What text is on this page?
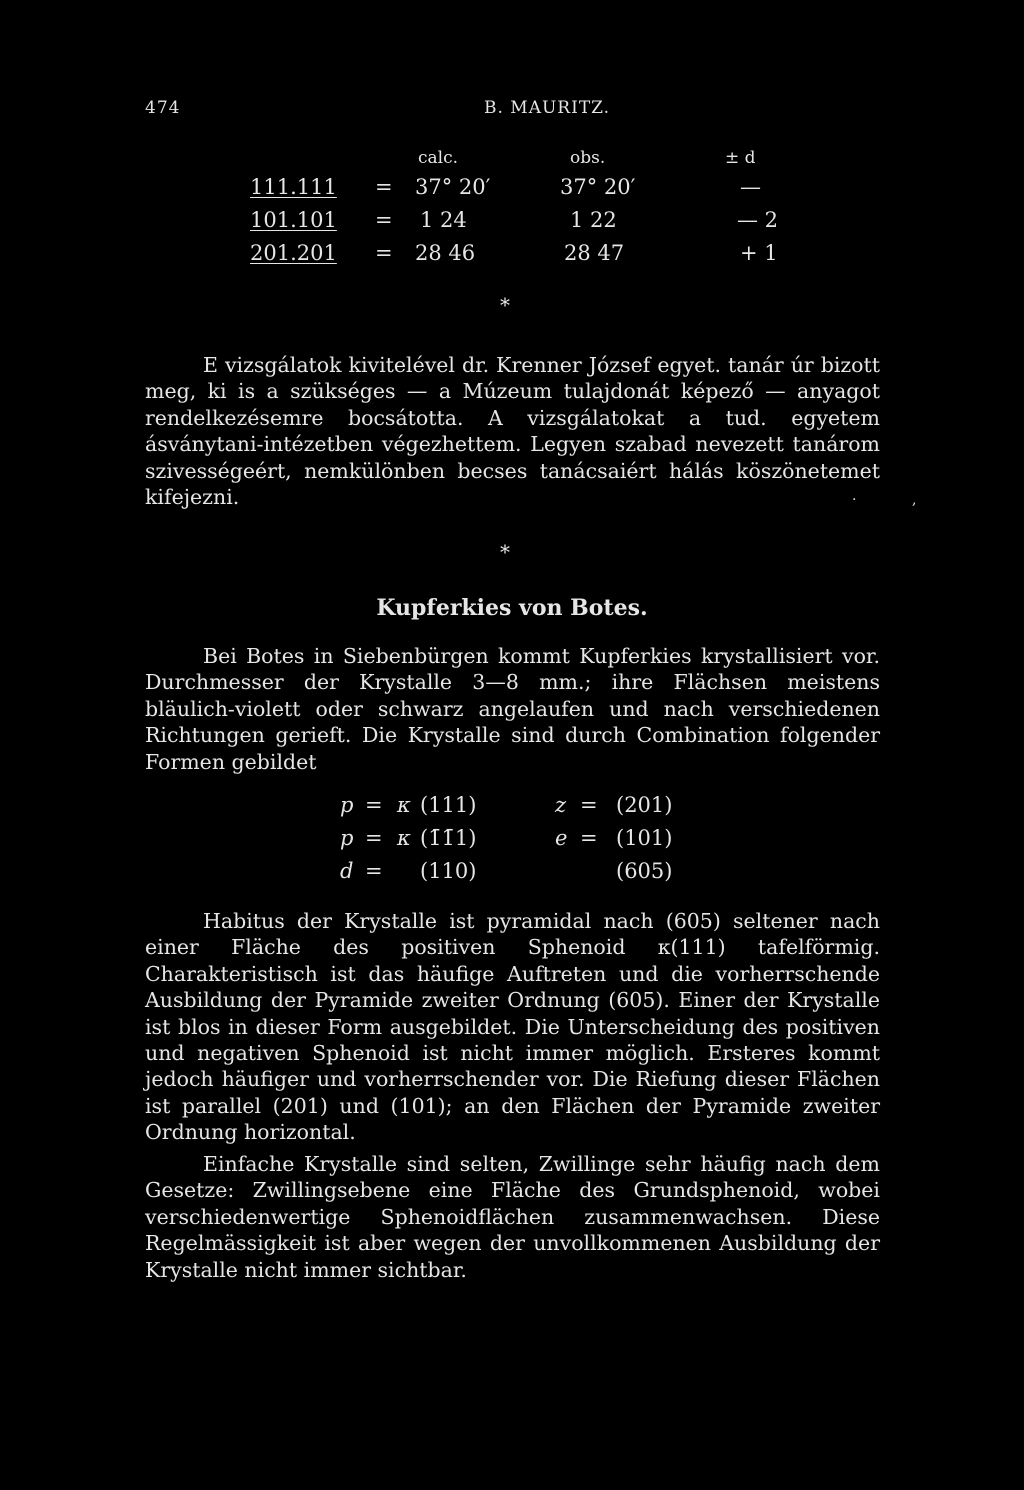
474	B. MAURITZ.
calc.	obs.	± d
111.111 = 37° 20′	37° 20′	—
101.101 = 1 24	1 22	— 2
201.201 = 28 46	28 47	+ 1
*

E vizsgálatok kivitelével dr. Krenner József egyet. tanár úr bizott meg, ki is a szükséges — a Múzeum tulajdonát képező — anyagot rendelkezésemre bocsátotta. A vizsgálatokat a tud. egyetem ásványtani-intézetben végezhettem. Legyen szabad nevezett tanárom szivességeért, nemkülönben becses tanácsaiért hálás köszönetemet kifejezni.

*
·	,
Kupferkies von Botes.

Bei Botes in Siebenbürgen kommt Kupferkies krystallisiert vor. Durchmesser der Krystalle 3—8 mm.; ihre Flächsen meistens bläulich-violett oder schwarz angelaufen und nach verschiedenen Richtungen gerieft. Die Krystalle sind durch Combination folgender Formen gebildet

p = κ (111)	z = (201)
p = κ (1̄1̄1)	e = (101)
d = (110)	(605)

Habitus der Krystalle ist pyramidal nach (605) seltener nach einer Fläche des positiven Sphenoid κ(111) tafelförmig. Charakteristisch ist das häufige Auftreten und die vorherrschende Ausbildung der Pyramide zweiter Ordnung (605). Einer der Krystalle ist blos in dieser Form ausgebildet. Die Unterscheidung des positiven und negativen Sphenoid ist nicht immer möglich. Ersteres kommt jedoch häufiger und vorherrschender vor. Die Riefung dieser Flächen ist parallel (201) und (101); an den Flächen der Pyramide zweiter Ordnung horizontal.

Einfache Krystalle sind selten, Zwillinge sehr häufig nach dem Gesetze: Zwillingsebene eine Fläche des Grundsphenoid, wobei verschiedenwertige Sphenoidflächen zusammenwachsen. Diese Regelmässigkeit ist aber wegen der unvollkommenen Ausbildung der Krystalle nicht immer sichtbar.
